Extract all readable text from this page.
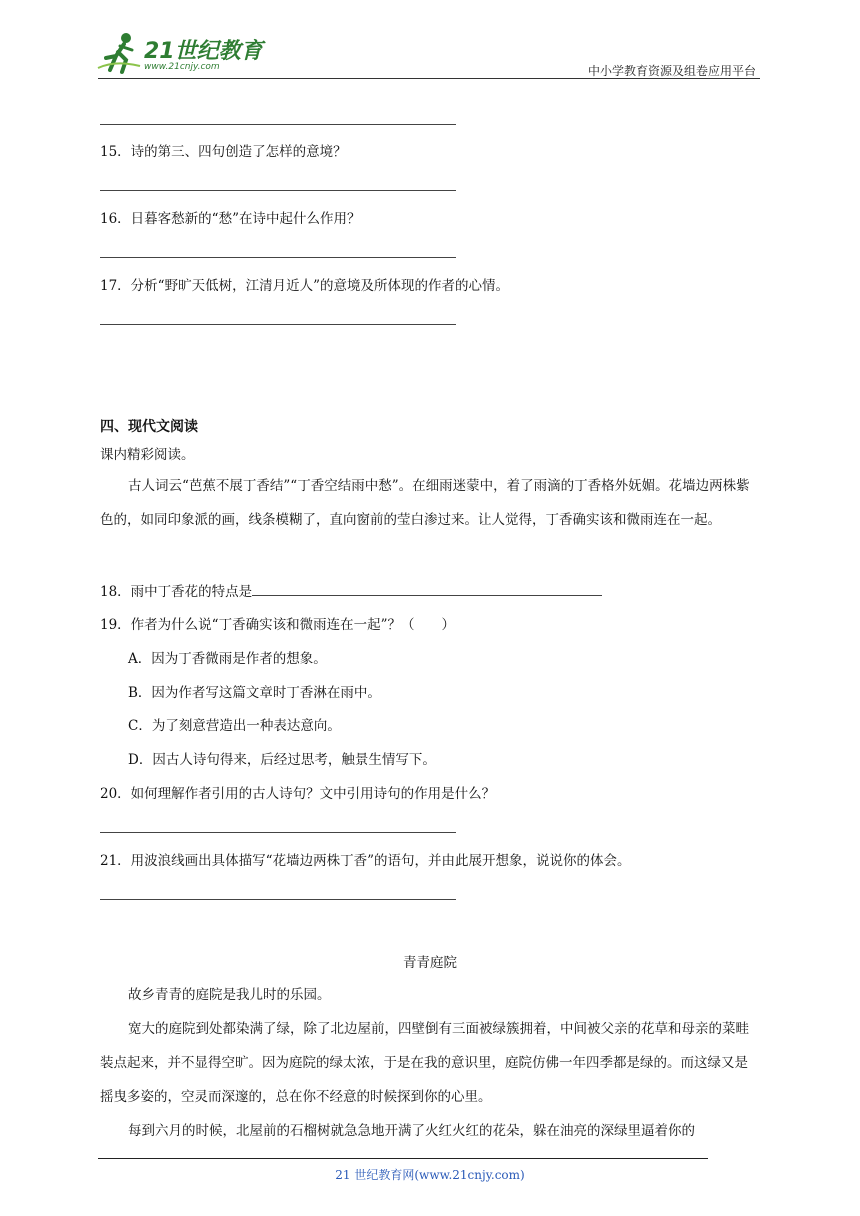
21世纪教育
www.21cnjy.com	中小学教育资源及组卷应用平台
15．诗的第三、四句创造了怎样的意境？
16．日暮客愁新的“愁”在诗中起什么作用？
17．分析“野旷天低树，江清月近人”的意境及所体现的作者的心情。
四、现代文阅读
课内精彩阅读。
古人词云“芭蕉不展丁香结”“丁香空结雨中愁”。在细雨迷蒙中，着了雨滴的丁香格外妩媚。花墙边两株紫色的，如同印象派的画，线条模糊了，直向窗前的莹白渗过来。让人觉得，丁香确实该和微雨连在一起。
18．雨中丁香花的特点是
19．作者为什么说“丁香确实该和微雨连在一起”？（　　）
A．因为丁香微雨是作者的想象。
B．因为作者写这篇文章时丁香淋在雨中。
C．为了刻意营造出一种表达意向。
D．因古人诗句得来，后经过思考，触景生情写下。
20．如何理解作者引用的古人诗句？文中引用诗句的作用是什么？
21．用波浪线画出具体描写“花墙边两株丁香”的语句，并由此展开想象，说说你的体会。
青青庭院
故乡青青的庭院是我儿时的乐园。
宽大的庭院到处都染满了绿，除了北边屋前，四壁倒有三面被绿簇拥着，中间被父亲的花草和母亲的菜畦装点起来，并不显得空旷。因为庭院的绿太浓，于是在我的意识里，庭院仿佛一年四季都是绿的。而这绿又是摇曳多姿的，空灵而深邃的，总在你不经意的时候探到你的心里。
每到六月的时候，北屋前的石榴树就急急地开满了火红火红的花朵，躲在油亮的深绿里逼着你的
21 世纪教育网(www.21cnjy.com)
